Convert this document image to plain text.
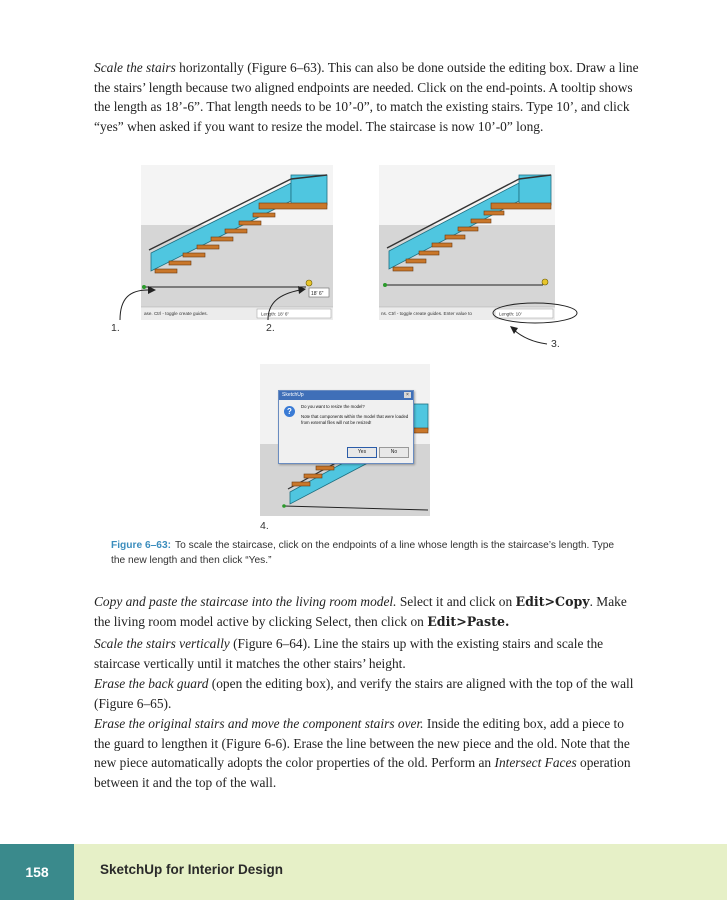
Scale the stairs horizontally (Figure 6–63). This can also be done outside the editing box. Draw a line the stairs’ length because two aligned endpoints are needed. Click on the end-points. A tooltip shows the length as 18’-6”. That length needs to be 10’-0”, to match the existing stairs. Type 10’, and click “yes” when asked if you want to resize the model. The staircase is now 10’-0” long.

18' 6"
ase. Ctrl - toggle create guides.	Length: 18' 6"	ns. Ctrl - toggle create guides. Enter value to	Length: 10'
1.	2.
3.
SketchUp	×
?
Do you want to resize the model?
Note that components within the model that were loaded from external files will not be resized!
Yes	No
4.
Figure 6–63: To scale the staircase, click on the endpoints of a line whose length is the staircase’s length. Type the new length and then click “Yes.”

Copy and paste the staircase into the living room model. Select it and click on Edit>Copy. Make the living room model active by clicking Select, then click on Edit>Paste.

Scale the stairs vertically (Figure 6–64). Line the stairs up with the existing stairs and scale the staircase vertically until it matches the other stairs’ height.

Erase the back guard (open the editing box), and verify the stairs are aligned with the top of the wall (Figure 6–65).

Erase the original stairs and move the component stairs over. Inside the editing box, add a piece to the guard to lengthen it (Figure 6-6). Erase the line between the new piece and the old. Note that the new piece automatically adopts the color properties of the old. Perform an Intersect Faces operation between it and the top of the wall.

158	SketchUp for Interior Design
